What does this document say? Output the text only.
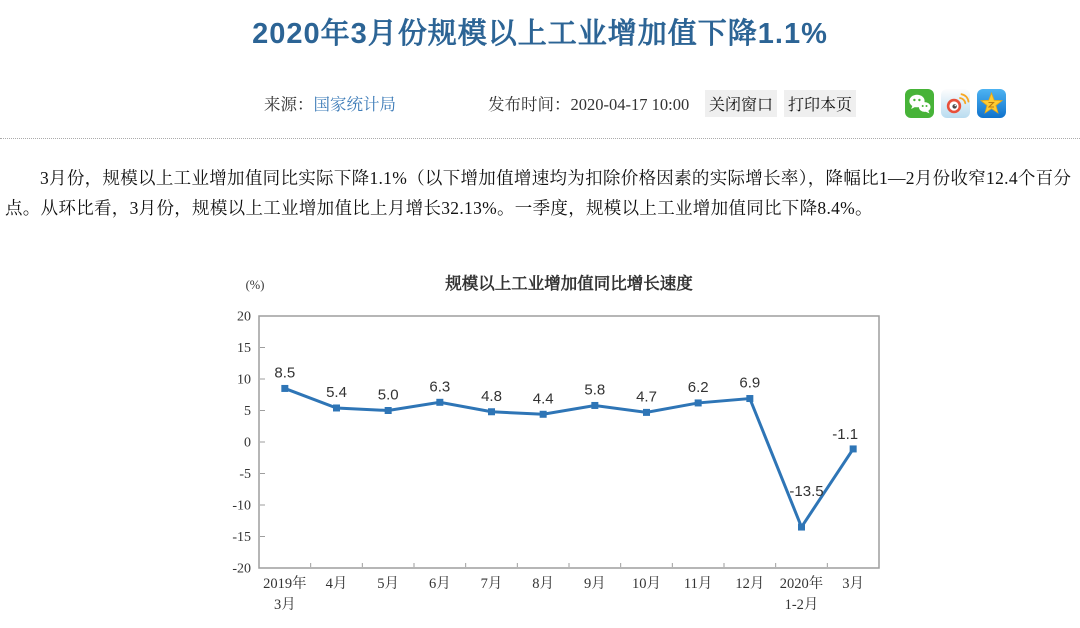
2020年3月份规模以上工业增加值下降1.1%
来源： 国家统计局	发布时间：2020-04-17 10:00 关闭窗口 打印本页

3月份，规模以上工业增加值同比实际下降1.1%（以下增加值增速均为扣除价格因素的实际增长率），降幅比1—2月份收窄12.4个百分点。从环比看，3月份，规模以上工业增加值比上月增长32.13%。一季度，规模以上工业增加值同比下降8.4%。

规模以上工业增加值同比增长速度
(%)
20
15
10
5
0
-5
-10
-15
-20
2019年
3月
4月 5月 6月 7月 8月 9月 10月 11月 12月 2020年
1-2月
3月
8.5
5.4 5.0 6.3
4.8 4.4
5.8 4.7
6.2 6.9
-13.5
-1.1
